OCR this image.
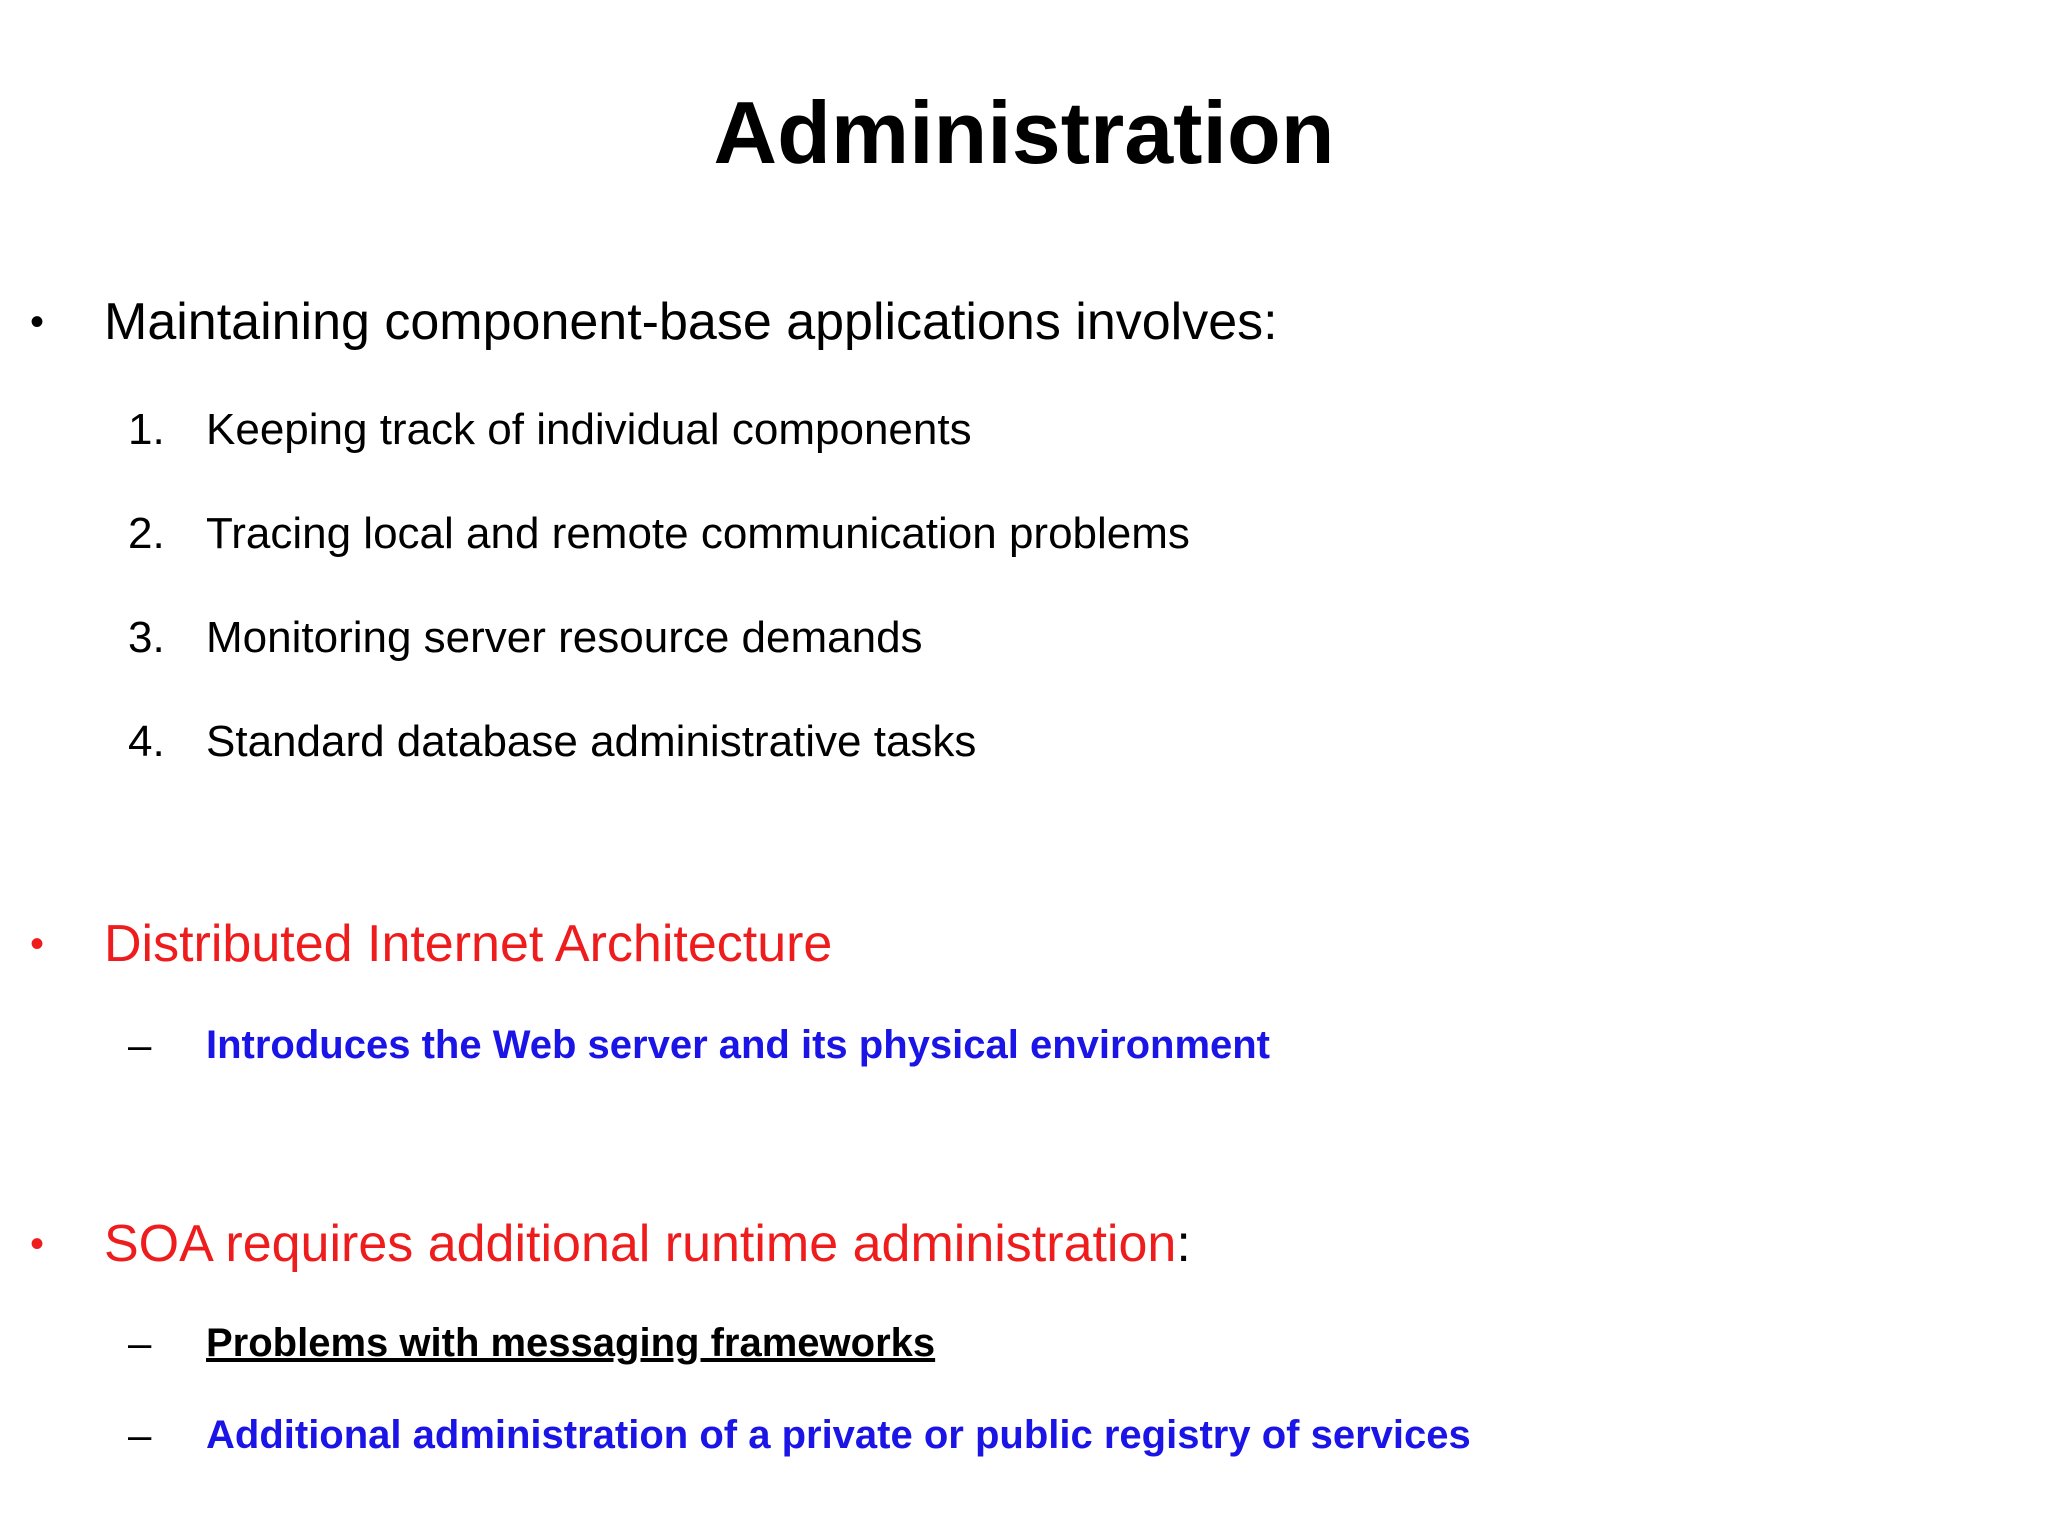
Administration
• Maintaining component-base applications involves:
1. Keeping track of individual components
2. Tracing local and remote communication problems
3. Monitoring server resource demands
4. Standard database administrative tasks
• Distributed Internet Architecture
– Introduces the Web server and its physical environment
• SOA requires additional runtime administration:
– Problems with messaging frameworks
– Additional administration of a private or public registry of services
